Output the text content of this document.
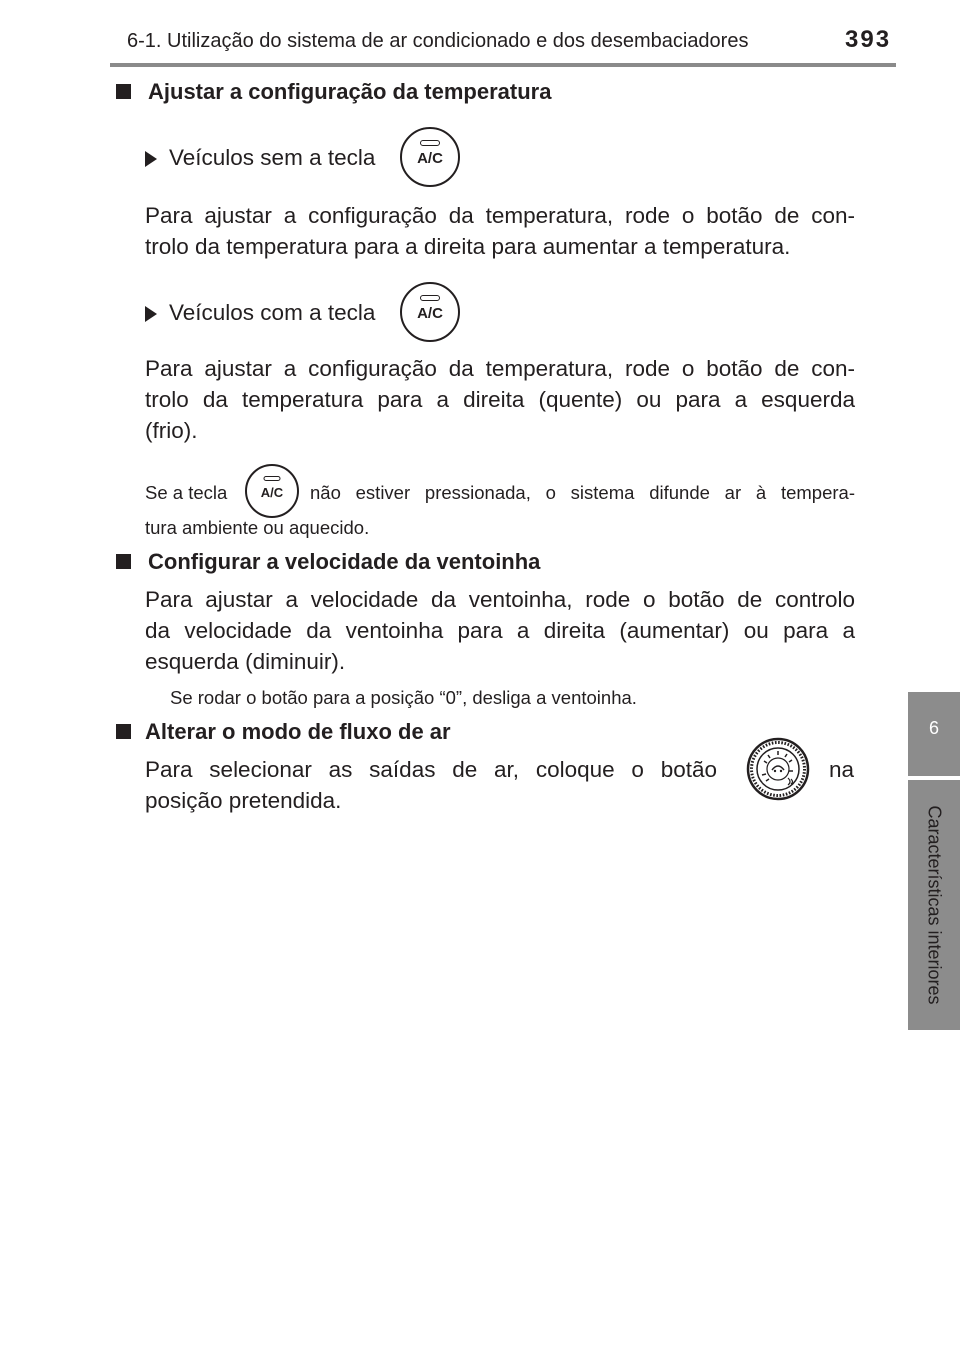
6-1. Utilização do sistema de ar condicionado e dos desembaciadores	393
6
Características interiores
Ajustar a configuração da temperatura
Veículos sem a tecla	A/C
Para ajustar a configuração da temperatura, rode o botão de con-
trolo da temperatura para a direita para aumentar a temperatura.
Veículos com a tecla	A/C
Para ajustar a configuração da temperatura, rode o botão de con-
trolo da temperatura para a direita (quente) ou para a esquerda
(frio).
Se a tecla	A/C	não estiver pressionada, o sistema difunde ar à tempera-
tura ambiente ou aquecido.
Configurar a velocidade da ventoinha
Para ajustar a velocidade da ventoinha, rode o botão de controlo
da velocidade da ventoinha para a direita (aumentar) ou para a
esquerda (diminuir).
Se rodar o botão para a posição “0”, desliga a ventoinha.
Alterar o modo de fluxo de ar
Para selecionar as saídas de ar, coloque o botão	na
posição pretendida.
